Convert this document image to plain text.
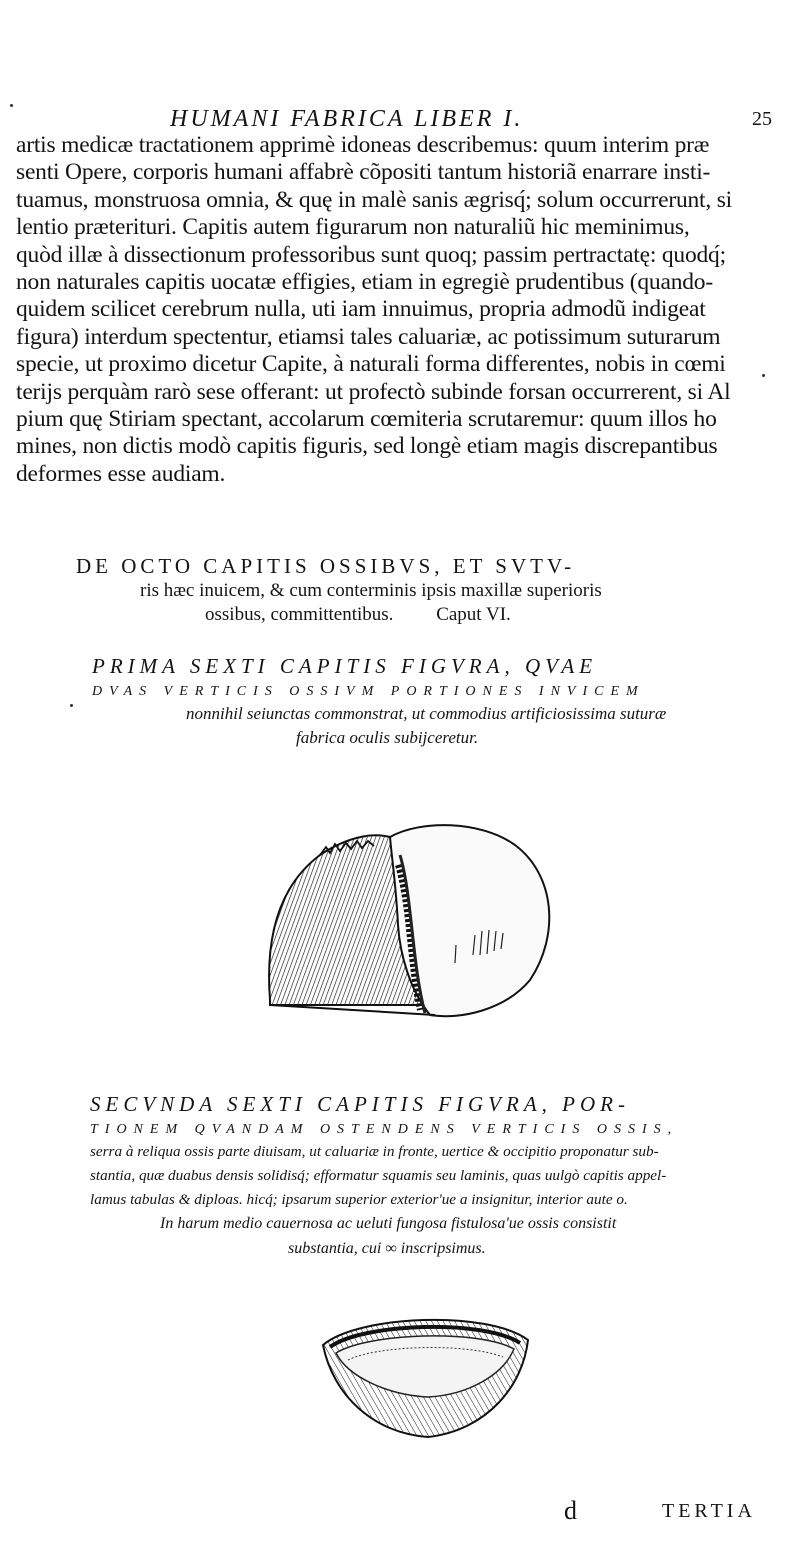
HUMANI FABRICA LIBER I.	25
artis medicæ tractationem apprimè idoneas describemus: quum interim præ
senti Opere, corporis humani affabrè cõpositi tantum historiã enarrare insti-
tuamus, monstruosa omnia, & quę in malè sanis ægrisq́; solum occurrerunt, si
lentio præterituri. Capitis autem figurarum non naturaliũ hic meminimus,
quòd illæ à dissectionum professoribus sunt quoq; passim pertractatę: quodq́;
non naturales capitis uocatæ effigies, etiam in egregiè prudentibus (quando-
quidem scilicet cerebrum nulla, uti iam innuimus, propria admodũ indigeat
figura) interdum spectentur, etiamsi tales caluariæ, ac potissimum suturarum
specie, ut proximo dicetur Capite, à naturali forma differentes, nobis in cœmi
terijs perquàm rarò sese offerant: ut profectò subinde forsan occurrerent, si Al
pium quę Stiriam spectant, accolarum cœmiteria scrutaremur: quum illos ho
mines, non dictis modò capitis figuris, sed longè etiam magis discrepantibus
deformes esse audiam.
DE OCTO CAPITIS OSSIBVS, ET SVTV-
ris hæc inuicem, & cum conterminis ipsis maxillæ superioris
ossibus, committentibus. Caput VI.
PRIMA SEXTI CAPITIS FIGVRA, QVAE
DVAS VERTICIS OSSIVM PORTIONES INVICEM
nonnihil seiunctas commonstrat, ut commodius artificiosissima suturæ
fabrica oculis subijceretur.
SECVNDA SEXTI CAPITIS FIGVRA, POR-
TIONEM QVANDAM OSTENDENS VERTICIS OSSIS,
serra à reliqua ossis parte diuisam, ut caluariæ in fronte, uertice & occipitio proponatur sub-
stantia, quæ duabus densis solidisq́; efformatur squamis seu laminis, quas uulgò capitis appel-
lamus tabulas & diploas. hicq́; ipsarum superior exterior'ue a insignitur, interior aute o.
In harum medio cauernosa ac ueluti fungosa fistulosa'ue ossis consistit
substantia, cui ∞ inscripsimus.
d	TERTIA
